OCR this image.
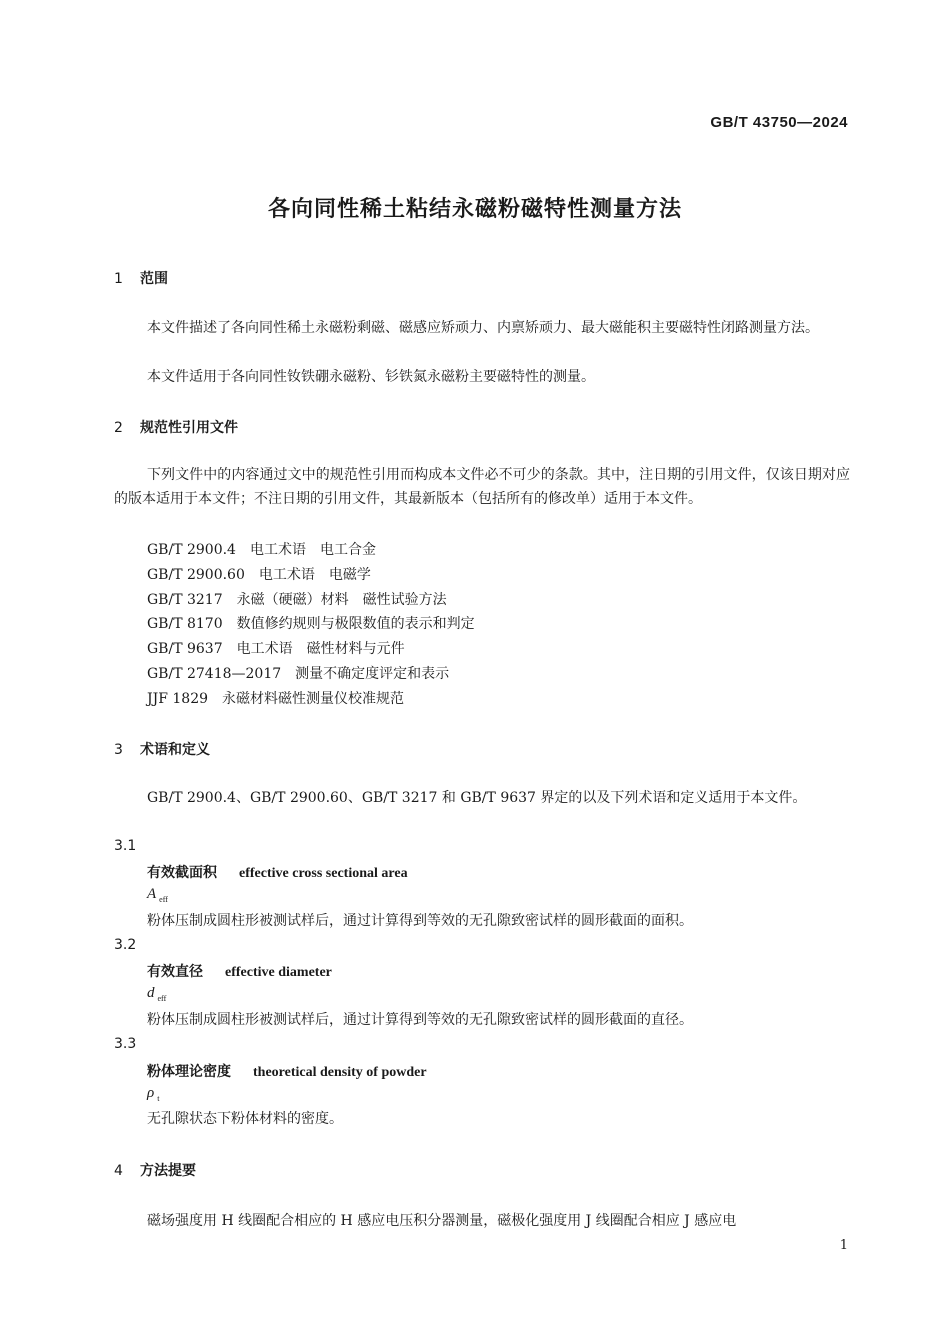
GB/T 43750—2024
各向同性稀土粘结永磁粉磁特性测量方法
1 范围
本文件描述了各向同性稀土永磁粉剩磁、磁感应矫顽力、内禀矫顽力、最大磁能积主要磁特性闭路测量方法。
本文件适用于各向同性钕铁硼永磁粉、钐铁氮永磁粉主要磁特性的测量。
2 规范性引用文件
下列文件中的内容通过文中的规范性引用而构成本文件必不可少的条款。其中，注日期的引用文件，仅该日期对应的版本适用于本文件；不注日期的引用文件，其最新版本（包括所有的修改单）适用于本文件。
GB/T 2900.4　 电工术语　电工合金
GB/T 2900.60　 电工术语　电磁学
GB/T 3217　 永磁（硬磁）材料　磁性试验方法
GB/T 8170　 数值修约规则与极限数值的表示和判定
GB/T 9637　 电工术语　磁性材料与元件
GB/T 27418—2017　 测量不确定度评定和表示
JJF 1829　 永磁材料磁性测量仪校准规范
3 术语和定义
GB/T 2900.4、GB/T 2900.60、GB/T 3217 和 GB/T 9637 界定的以及下列术语和定义适用于本文件。
3.1
有效截面积 effective cross sectional area
A $_{eff}$
粉体压制成圆柱形被测试样后，通过计算得到等效的无孔隙致密试样的圆形截面的面积。
3.2
有效直径 effective diameter
d $_{eff}$
粉体压制成圆柱形被测试样后，通过计算得到等效的无孔隙致密试样的圆形截面的直径。
3.3
粉体理论密度 theoretical density of powder
ρ $_t$
无孔隙状态下粉体材料的密度。
4 方法提要
磁场强度用 H 线圈配合相应的 H 感应电压积分器测量，磁极化强度用 J 线圈配合相应 J 感应电
1
